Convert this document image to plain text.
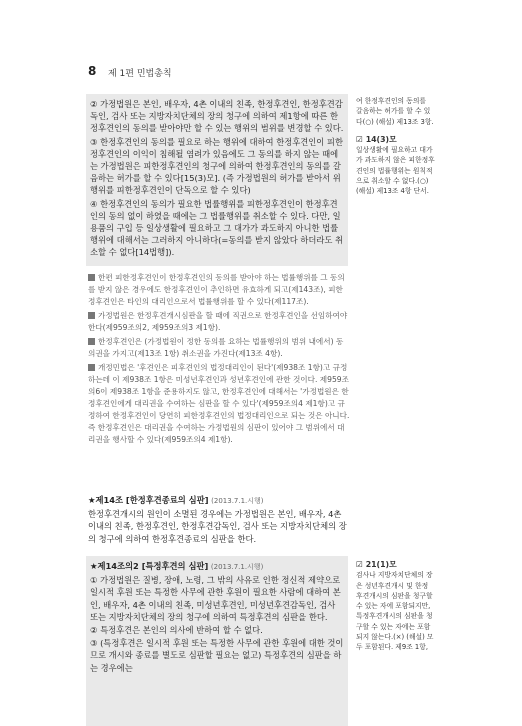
8 제 1편 민법총칙

② 가정법원은 본인, 배우자, 4촌 이내의 친족, 한정후견인, 한정후견감독인, 검사 또는 지방자치단체의 장의 청구에 의하여 제1항에 따른 한정후견인의 동의를 받아야만 할 수 있는 행위의 범위를 변경할 수 있다.

③ 한정후견인의 동의를 필요로 하는 행위에 대하여 한정후견인이 피한정후견인의 이익이 침해될 염려가 있음에도 그 동의를 하지 않는 때에는 가정법원은 피한정후견인의 청구에 의하여 한정후견인의 동의를 갈음하는 허가를 할 수 있다[15(3)모]. (즉 가정법원의 허가를 받아서 위 행위를 피한정후견인이 단독으로 할 수 있다)

④ 한정후견인의 동의가 필요한 법률행위를 피한정후견인이 한정후견인의 동의 없이 하였을 때에는 그 법률행위를 취소할 수 있다. 다만, 일용품의 구입 등 일상생활에 필요하고 그 대가가 과도하지 아니한 법률행위에 대해서는 그러하지 아니하다(=동의를 받지 않았다 하더라도 취소할 수 없다[14법행]).

여 한정후견인의 동의를

갈음하는 허가를 할 수 있

다(○) (해설) 제13조 3항.

☑ 14(3)모

일상생활에 필요하고 대가

가 과도하지 않은 피한정후

견인의 법률행위는 원칙적

으로 취소할 수 없다.(○)

(해설) 제13조 4항 단서.

한편 피한정후견인이 한정후견인의 동의를 받아야 하는 법률행위를 그 동의를 받지 않은 경우에도 한정후견인이 추인하면 유효하게 되고(제143조), 피한정후견인은 타인의 대리인으로서 법률행위를 할 수 있다(제117조).

가정법원은 한정후견개시심판을 할 때에 직권으로 한정후견인을 선임하여야 한다(제959조의2, 제959조의3 제1항).

한정후견인은 (가정법원이 정한 동의를 요하는 법률행위의 범위 내에서) 동의권을 가지고(제13조 1항) 취소권을 가진다(제13조 4항).

개정민법은 '후견인은 피후견인의 법정대리인이 된다'(제938조 1항)고 규정하는데 이 제938조 1항은 미성년후견인과 성년후견인에 관한 것이다. 제959조의6이 제938조 1항을 준용하지도 않고, 한정후견인에 대해서는 '가정법원은 한정후견인에게 대리권을 수여하는 심판을 할 수 있다'(제959조의4 제1항)고 규정하여 한정후견인이 당연히 피한정후견인의 법정대리인으로 되는 것은 아니다. 즉 한정후견인은 대리권을 수여하는 가정법원의 심판이 있어야 그 범위에서 대리권을 행사할 수 있다(제959조의4 제1항).

★제14조 [한정후견종료의 심판] (2013.7.1.시행)

한정후견개시의 원인이 소멸된 경우에는 가정법원은 본인, 배우자, 4촌 이내의 친족, 한정후견인, 한정후견감독인, 검사 또는 지방자치단체의 장의 청구에 의하여 한정후견종료의 심판을 한다.

★제14조의2 [특정후견의 심판] (2013.7.1.시행)

① 가정법원은 질병, 장애, 노령, 그 밖의 사유로 인한 정신적 제약으로 일시적 후원 또는 특정한 사무에 관한 후원이 필요한 사람에 대하여 본인, 배우자, 4촌 이내의 친족, 미성년후견인, 미성년후견감독인, 검사 또는 지방자치단체의 장의 청구에 의하여 특정후견의 심판을 한다.

② 특정후견은 본인의 의사에 반하여 할 수 없다.

③ (특정후견은 일시적 후원 또는 특정한 사무에 관한 후원에 대한 것이므로 개시와 종료를 별도로 심판할 필요는 없고) 특정후견의 심판을 하는 경우에는

☑ 21(1)모

검사나 지방자치단체의 장

은 성년후견개시 및 한정

후견개시의 심판을 청구할

수 있는 자에 포함되지만,

특정후견개시의 심판을 청

구할 수 있는 자에는 포함

되지 않는다.(×) (해설) 모

두 포함된다. 제9조 1항,
